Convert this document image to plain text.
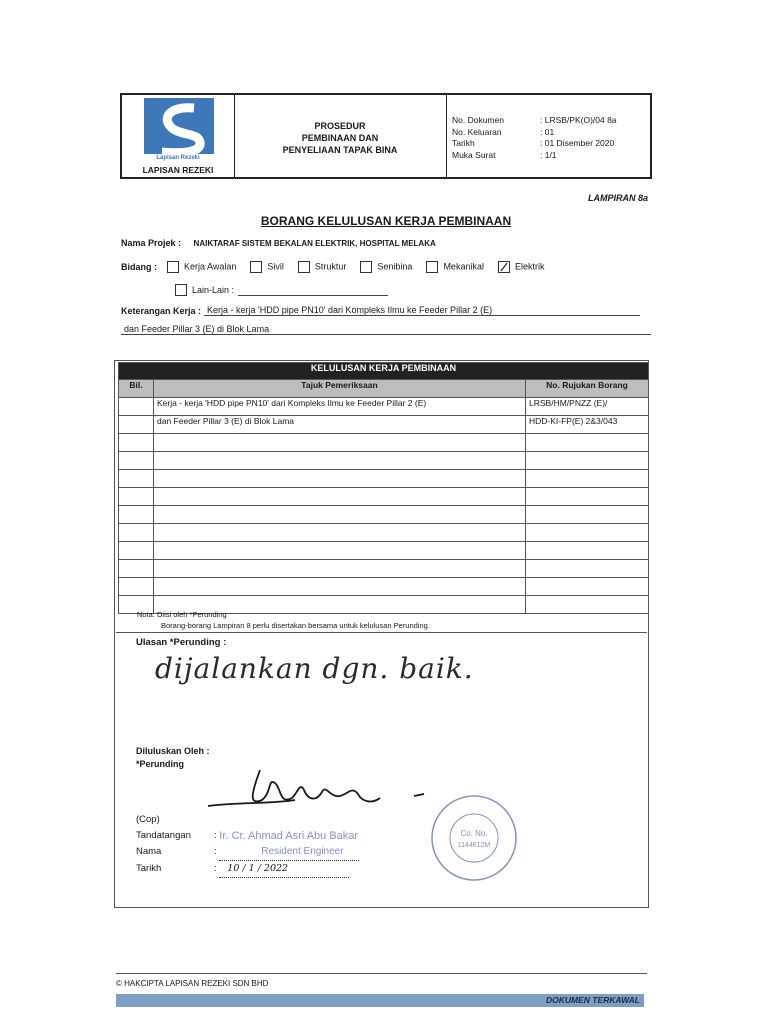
Lapisan Rezeki
LAPISAN REZEKI
PROSEDUR
PEMBINAAN DAN
PENYELIAAN TAPAK BINA
No. Dokumen	: LRSB/PK(O)/04 8a
No. Keluaran	: 01
Tarikh	: 01 Disember 2020
Muka Surat	: 1/1
LAMPIRAN 8a
BORANG KELULUSAN KERJA PEMBINAAN
Nama Projek : NAIKTARAF SISTEM BEKALAN ELEKTRIK, HOSPITAL MELAKA
Bidang :	Kerja Awalan	Sivil	Struktur	Senibina	Mekanikal	Elektrik
Lain-Lain :
Keterangan Kerja : Kerja - kerja 'HDD pipe PN10' dari Kompleks Ilmu ke Feeder Pillar 2 (E)
dan Feeder Pillar 3 (E) di Blok Lama
KELULUSAN KERJA PEMBINAAN		
Bil.	Tajuk Pemeriksaan	No. Rujukan Borang
	Kerja - kerja 'HDD pipe PN10' dari Kompleks Ilmu ke Feeder Pillar 2 (E)	LRSB/HM/PNZZ (E)/
	dan Feeder Pillar 3 (E) di Blok Lama	HDD-KI-FP(E) 2&3/043

Nota: Diisi oleh *Perunding
Borang-borang Lampiran 8 perlu disertakan bersama untuk kelulusan Perunding.
Ulasan *Perunding :
dijalankan dgn. baik.
Diluluskan Oleh :
*Perunding
(Cop)
Tandatangan	: Ir. Cr. Ahmad Asri Abu Bakar
Nama	:	Resident Engineer
Tarikh	: 10 / 1 / 2022
Co. No.
1144612M
© HAKCIPTA LAPISAN REZEKI SDN BHD
DOKUMEN TERKAWAL
